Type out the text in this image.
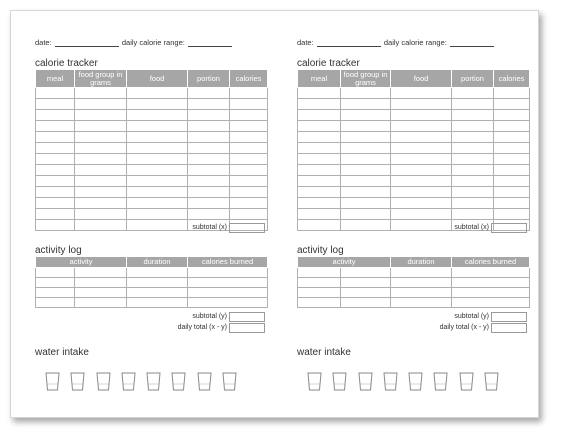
date:	daily calorie range:
calorie tracker
meal	food group in grams	food	portion	calories

subtotal (x)
activity log
activity		duration	calories burned

subtotal (y)
daily total (x - y)
water intake
date:	daily calorie range:
calorie tracker
meal	food group in grams	food	portion	calories

subtotal (x)
activity log
activity		duration	calories burned

subtotal (y)
daily total (x - y)
water intake
